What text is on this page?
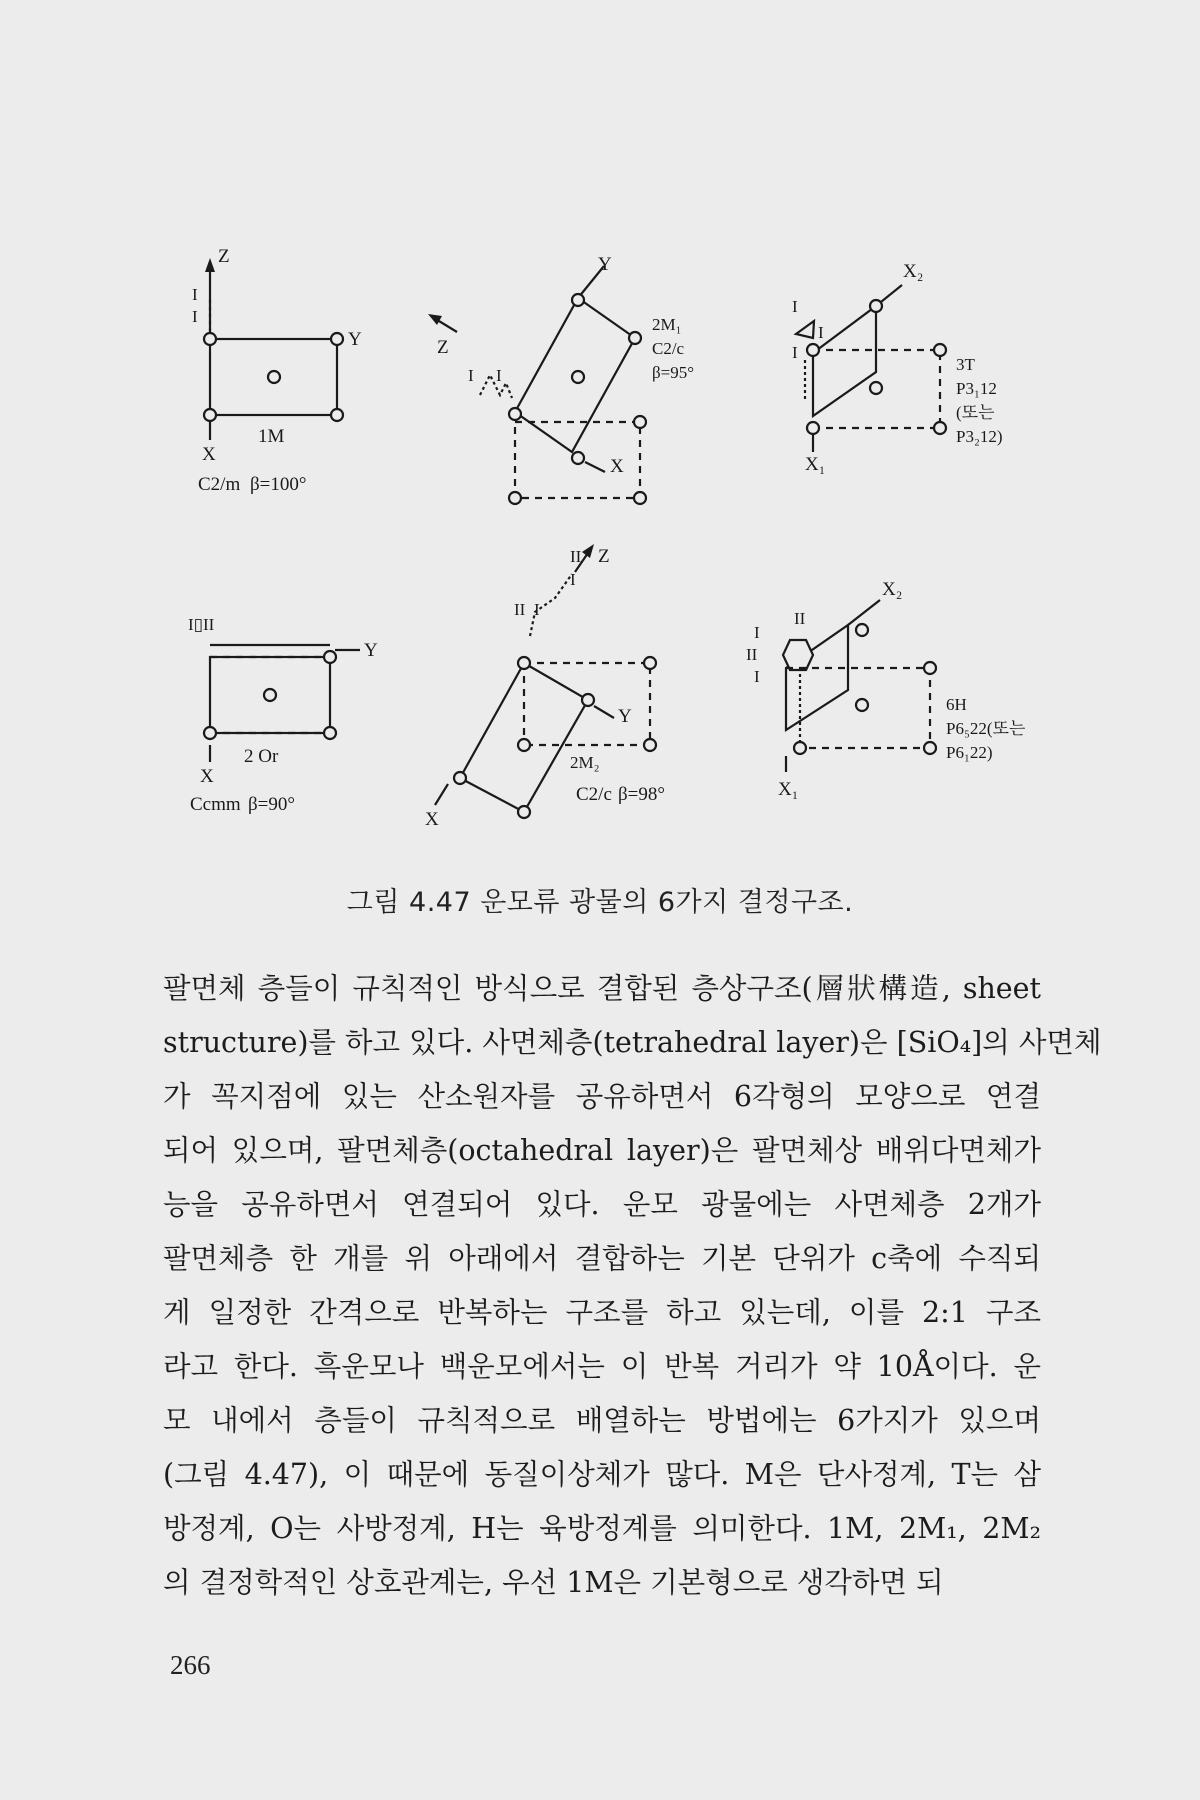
Z
Y
X
I
I
1M
C2/m β=100°
Y
Z
X
I I
2M₁
C2/c
β=95°
X₂
X₁
I
I
I
3T
P3₁12
(또는
P3₂12)
Y
X
I▯II
2 Or
Ccmm β=90°
Z
Y
X
II
I
II I
2M₂
C2/c β=98°
X₂
X₁
I
II
II
I
6H
P6₅22(또는
P6₁22)
그림 4.47 운모류 광물의 6가지 결정구조.
팔면체 층들이 규칙적인 방식으로 결합된 층상구조(層狀構造, sheet
structure)를 하고 있다. 사면체층(tetrahedral layer)은 [SiO₄]의 사면체
가 꼭지점에 있는 산소원자를 공유하면서 6각형의 모양으로 연결
되어 있으며, 팔면체층(octahedral layer)은 팔면체상 배위다면체가
능을 공유하면서 연결되어 있다. 운모 광물에는 사면체층 2개가
팔면체층 한 개를 위 아래에서 결합하는 기본 단위가 c축에 수직되
게 일정한 간격으로 반복하는 구조를 하고 있는데, 이를 2:1 구조
라고 한다. 흑운모나 백운모에서는 이 반복 거리가 약 10Å이다. 운
모 내에서 층들이 규칙적으로 배열하는 방법에는 6가지가 있으며
(그림 4.47), 이 때문에 동질이상체가 많다. M은 단사정계, T는 삼
방정계, O는 사방정계, H는 육방정계를 의미한다. 1M, 2M₁, 2M₂
의 결정학적인 상호관계는, 우선 1M은 기본형으로 생각하면 되
266
